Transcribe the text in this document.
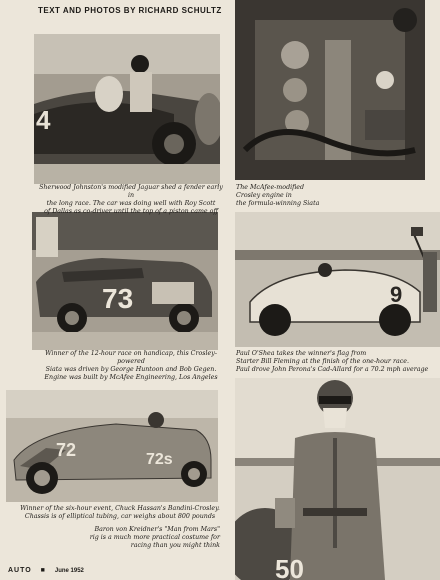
TEXT AND PHOTOS BY RICHARD SCHULTZ
4
73	9
72	72s
50
Sherwood Johnston's modified Jaguar shed a fender early in
the long race. The car was doing well with Roy Scott
of Dallas as co-driver until the top of a piston came off
The McAfee-modified
Crosley engine in
the formula-winning Siata
Winner of the 12-hour race on handicap, this Crosley-powered
Siata was driven by George Huntoon and Bob Gegen.
Engine was built by McAfee Engineering, Los Angeles
Paul O'Shea takes the winner's flag from
Starter Bill Fleming at the finish of the one-hour race.
Paul drove John Perona's Cad-Allard for a 70.2 mph average
Winner of the six-hour event, Chuck Hassan's Bandini-Crosley.
Chassis is of elliptical tubing, car weighs about 800 pounds
Baron von Kreidner's "Man from Mars"
rig is a much more practical costume for
racing than you might think
AUTO ■ June 1952
